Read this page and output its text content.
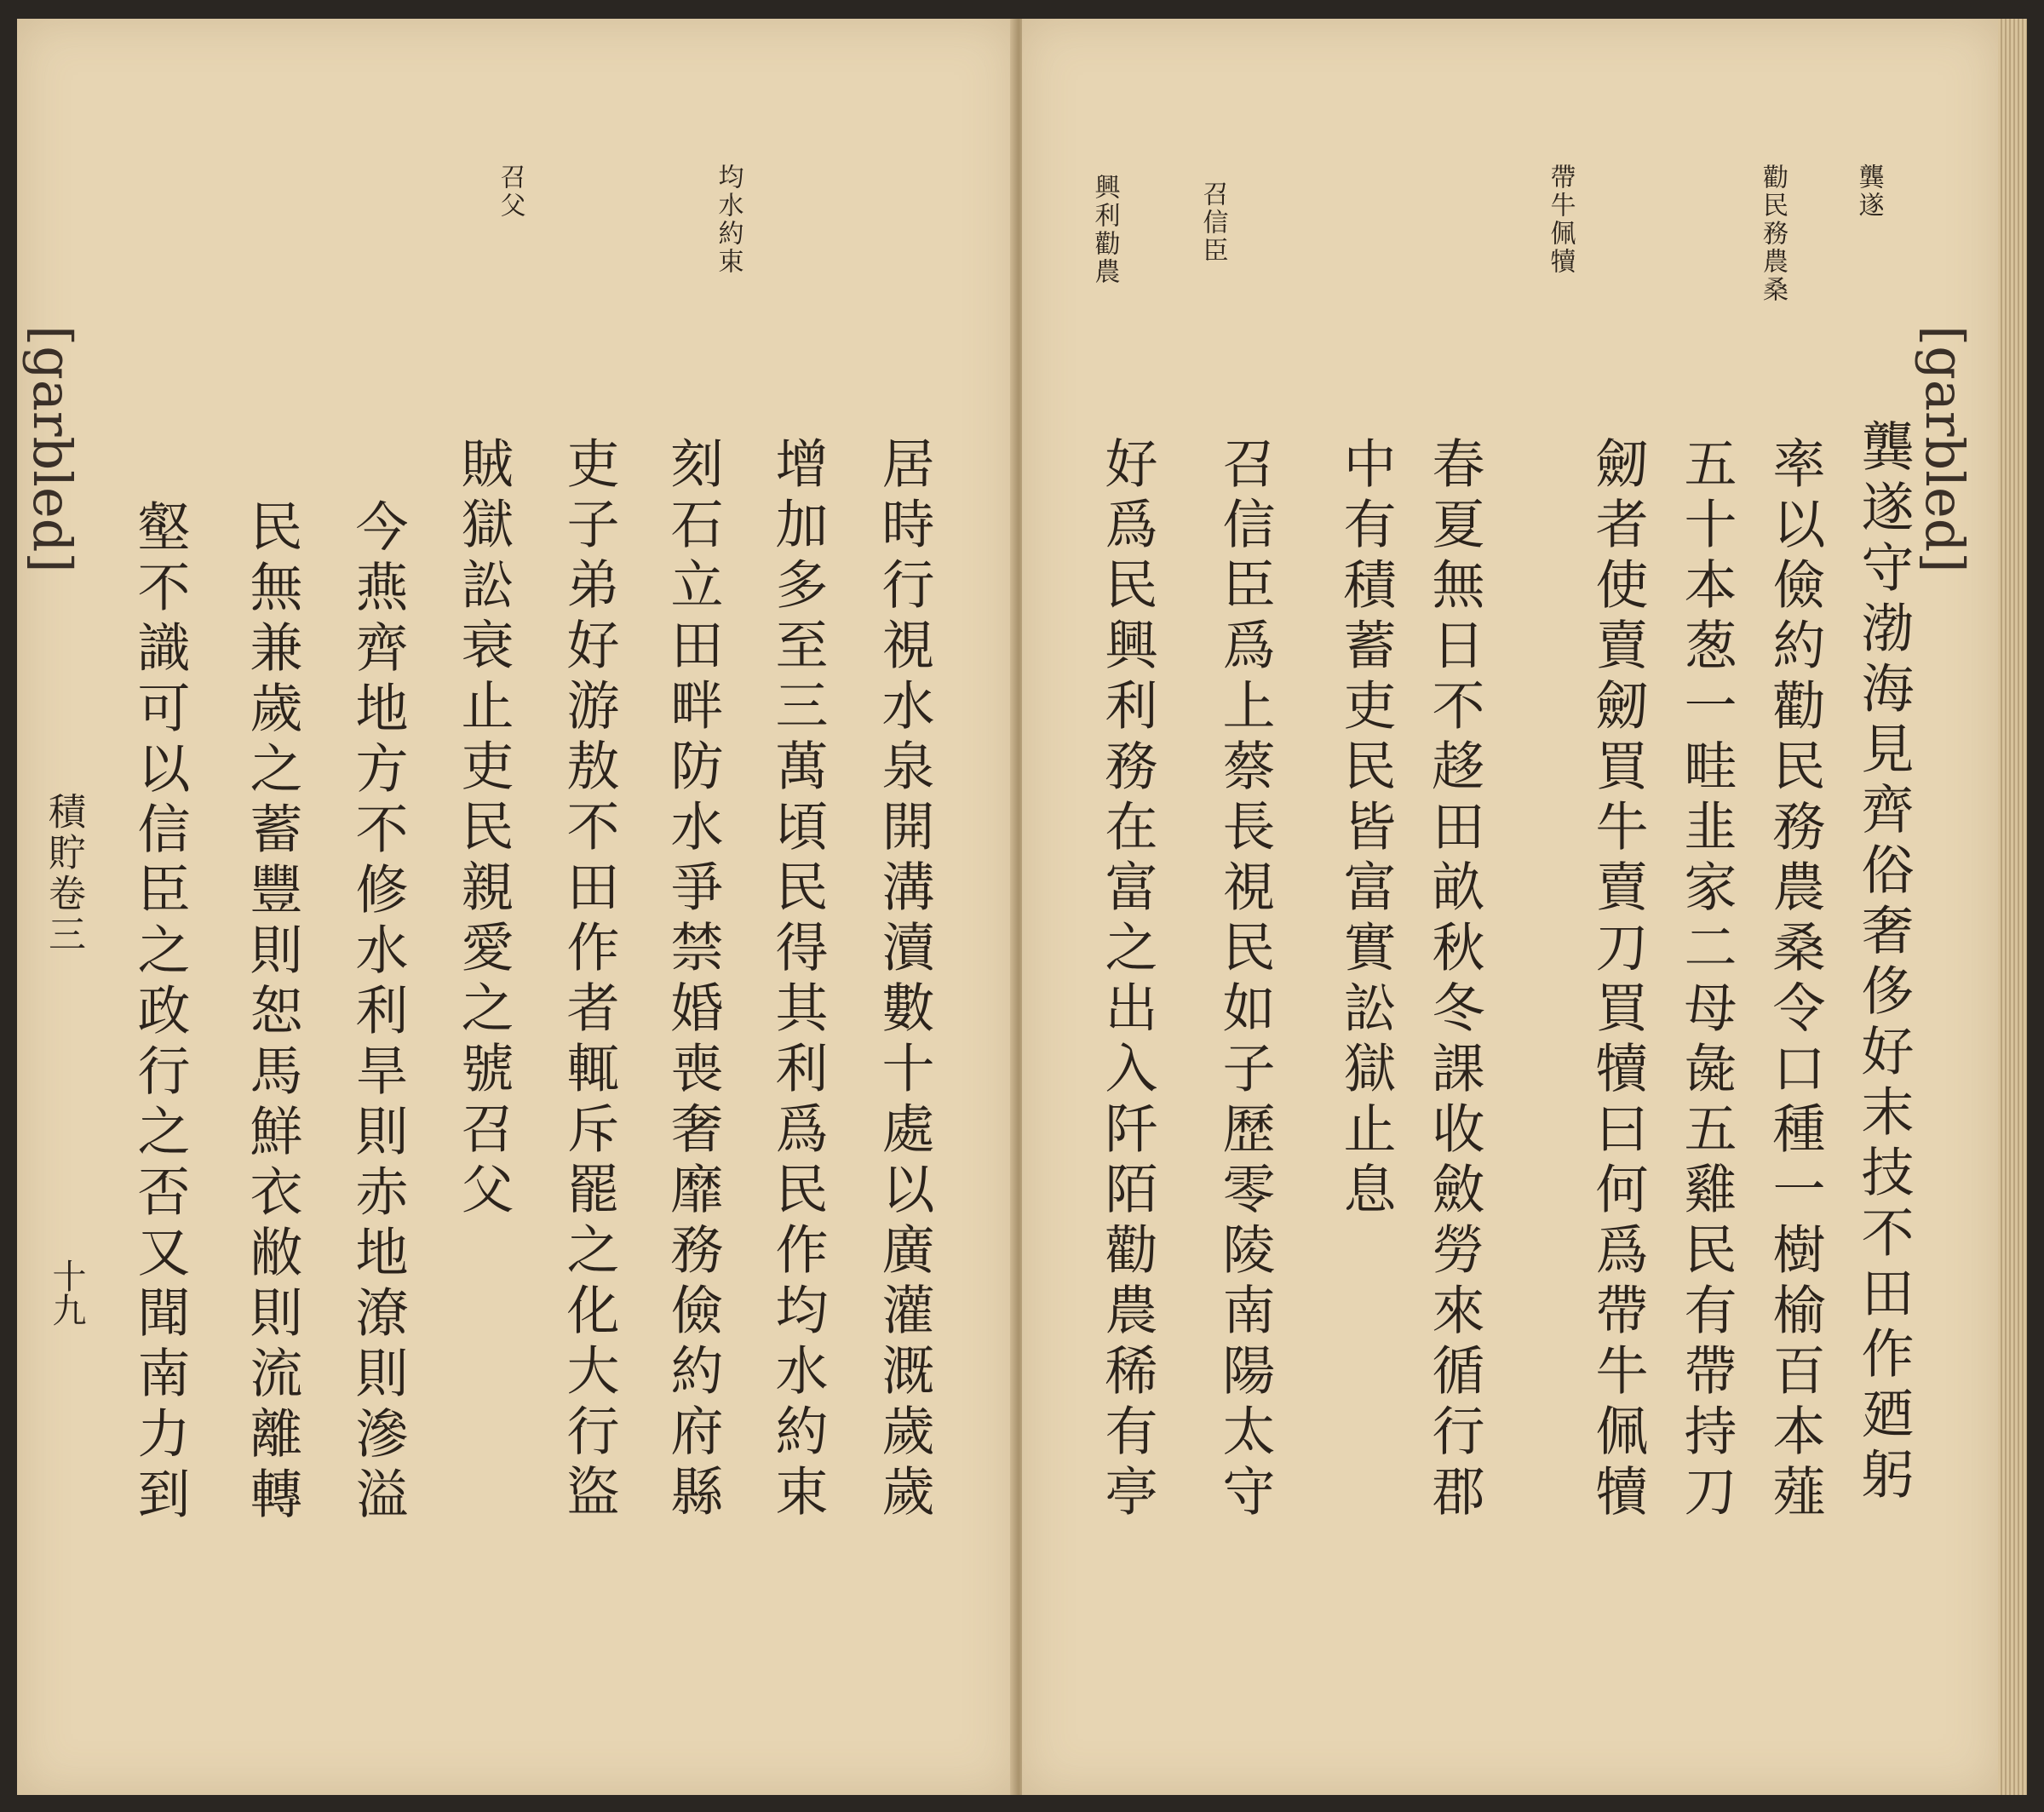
[garbled]
龔遂
勸民務農桑
帶牛佩犢
召信臣
興利勸農
龔遂守渤海見齊俗奢侈好末技不田作廼躬
率以儉約勸民務農桑令口種一樹榆百本薤
五十本葱一畦韭家二母彘五雞民有帶持刀
劒者使賣劒買牛賣刀買犢曰何爲帶牛佩犢
春夏無日不趍田畝秋冬課收斂勞來循行郡
中有積蓄吏民皆富實訟獄止息
召信臣爲上蔡長視民如子歷零陵南陽太守
好爲民興利務在富之出入阡陌勸農稀有亭
均水約束
召父
居時行視水泉開溝瀆數十處以廣灌溉歲歲
增加多至三萬頃民得其利爲民作均水約束
刻石立田畔防水爭禁婚喪奢靡務儉約府縣
吏子弟好游敖不田作者輒斥罷之化大行盜
賊獄訟衰止吏民親愛之號召父
今燕齊地方不修水利旱則赤地潦則滲溢
民無兼歲之蓄豐則恕馬鮮衣敝則流離轉
壑不識可以信臣之政行之否又聞南力到
[garbled]
積貯卷三
十九
